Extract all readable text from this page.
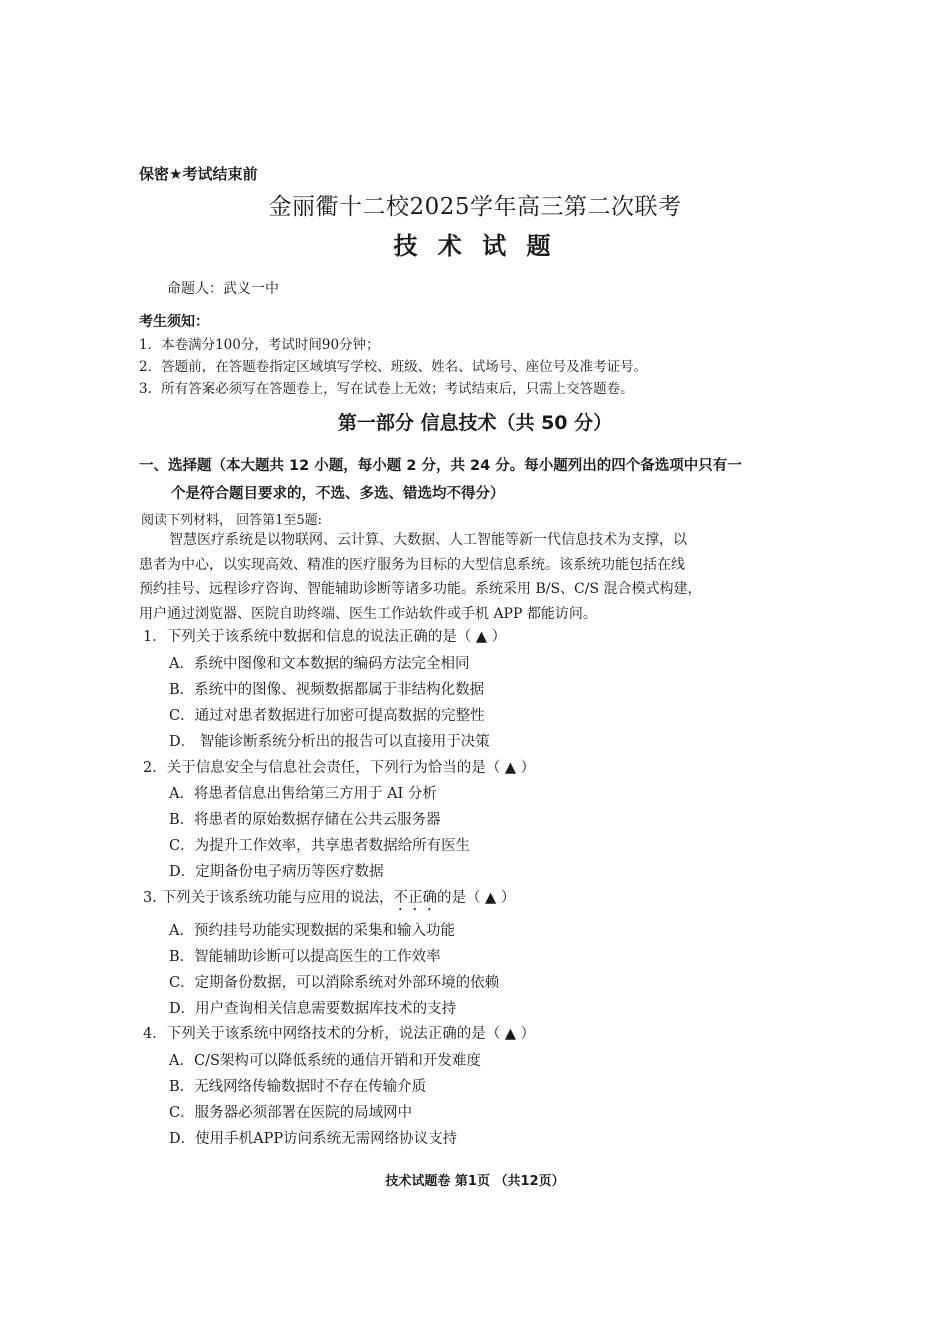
保密★考试结束前
金丽衢十二校2025学年高三第二次联考
技 术 试 题
命题人：武义一中
考生须知：
1．本卷满分100分，考试时间90分钟；
2．答题前，在答题卷指定区域填写学校、班级、姓名、试场号、座位号及准考证号。
3．所有答案必须写在答题卷上，写在试卷上无效；考试结束后，只需上交答题卷。
第一部分 信息技术（共 50 分）
一、选择题（本大题共 12 小题，每小题 2 分，共 24 分。每小题列出的四个备选项中只有一
个是符合题目要求的，不选、多选、错选均不得分）
阅读下列材料， 回答第1至5题:
智慧医疗系统是以物联网、云计算、大数据、人工智能等新一代信息技术为支撑，以
患者为中心，以实现高效、精准的医疗服务为目标的大型信息系统。该系统功能包括在线
预约挂号、远程诊疗咨询、智能辅助诊断等诸多功能。系统采用 B/S、C/S 混合模式构建，
用户通过浏览器、医院自助终端、医生工作站软件或手机 APP 都能访问。
1．下列关于该系统中数据和信息的说法正确的是（ ▲ ）
A．系统中图像和文本数据的编码方法完全相同
B．系统中的图像、视频数据都属于非结构化数据
C．通过对患者数据进行加密可提高数据的完整性
D． 智能诊断系统分析出的报告可以直接用于决策
2．关于信息安全与信息社会责任，下列行为恰当的是（ ▲ ）
A．将患者信息出售给第三方用于 AI 分析
B．将患者的原始数据存储在公共云服务器
C．为提升工作效率，共享患者数据给所有医生
D．定期备份电子病历等医疗数据
3. 下列关于该系统功能与应用的说法，不正确的是（ ▲ ）
A．预约挂号功能实现数据的采集和输入功能
B．智能辅助诊断可以提高医生的工作效率
C．定期备份数据，可以消除系统对外部环境的依赖
D．用户查询相关信息需要数据库技术的支持
4．下列关于该系统中网络技术的分析，说法正确的是（ ▲ ）
A．C/S架构可以降低系统的通信开销和开发难度
B．无线网络传输数据时不存在传输介质
C．服务器必须部署在医院的局域网中
D．使用手机APP访问系统无需网络协议支持
技术试题卷 第1页 （共12页）
